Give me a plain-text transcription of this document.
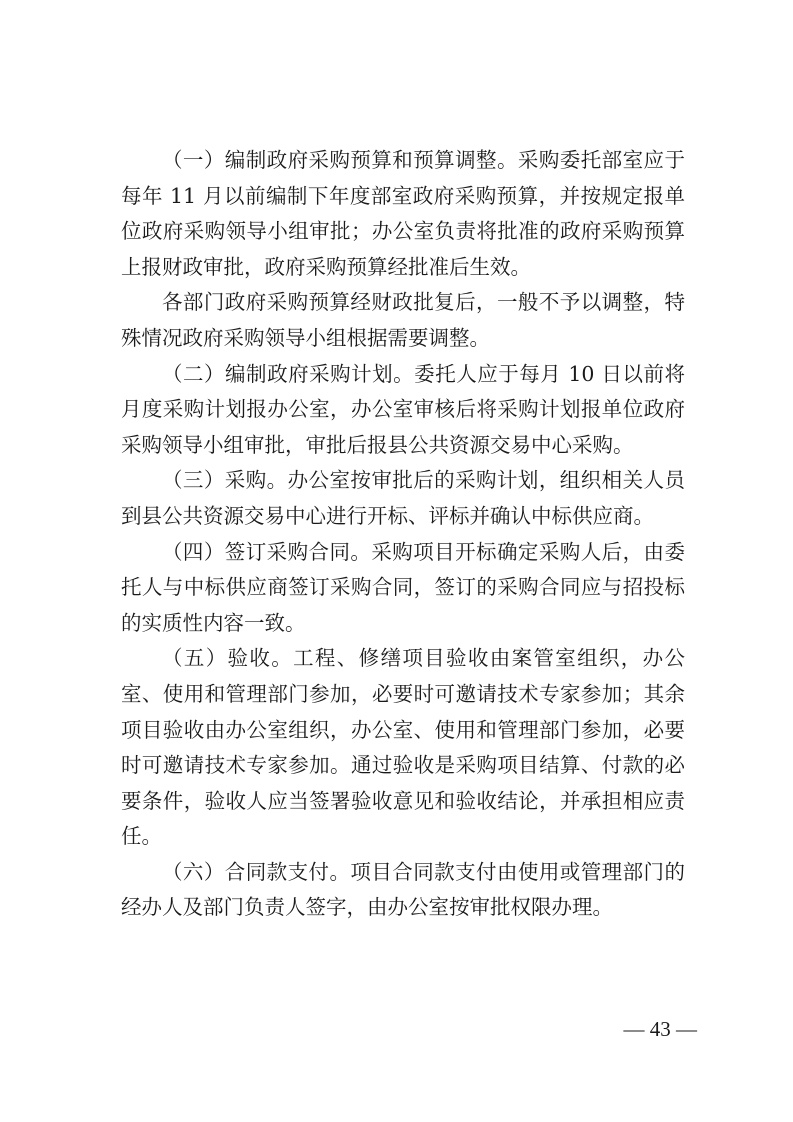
（一）编制政府采购预算和预算调整。采购委托部室应于每年 11 月以前编制下年度部室政府采购预算，并按规定报单位政府采购领导小组审批；办公室负责将批准的政府采购预算上报财政审批，政府采购预算经批准后生效。

各部门政府采购预算经财政批复后，一般不予以调整，特殊情况政府采购领导小组根据需要调整。

（二）编制政府采购计划。委托人应于每月 10 日以前将月度采购计划报办公室，办公室审核后将采购计划报单位政府采购领导小组审批，审批后报县公共资源交易中心采购。

（三）采购。办公室按审批后的采购计划，组织相关人员到县公共资源交易中心进行开标、评标并确认中标供应商。

（四）签订采购合同。采购项目开标确定采购人后，由委托人与中标供应商签订采购合同，签订的采购合同应与招投标的实质性内容一致。

（五）验收。工程、修缮项目验收由案管室组织，办公室、使用和管理部门参加，必要时可邀请技术专家参加；其余项目验收由办公室组织，办公室、使用和管理部门参加，必要时可邀请技术专家参加。通过验收是采购项目结算、付款的必要条件，验收人应当签署验收意见和验收结论，并承担相应责任。

（六）合同款支付。项目合同款支付由使用或管理部门的经办人及部门负责人签字，由办公室按审批权限办理。

— 43 —
